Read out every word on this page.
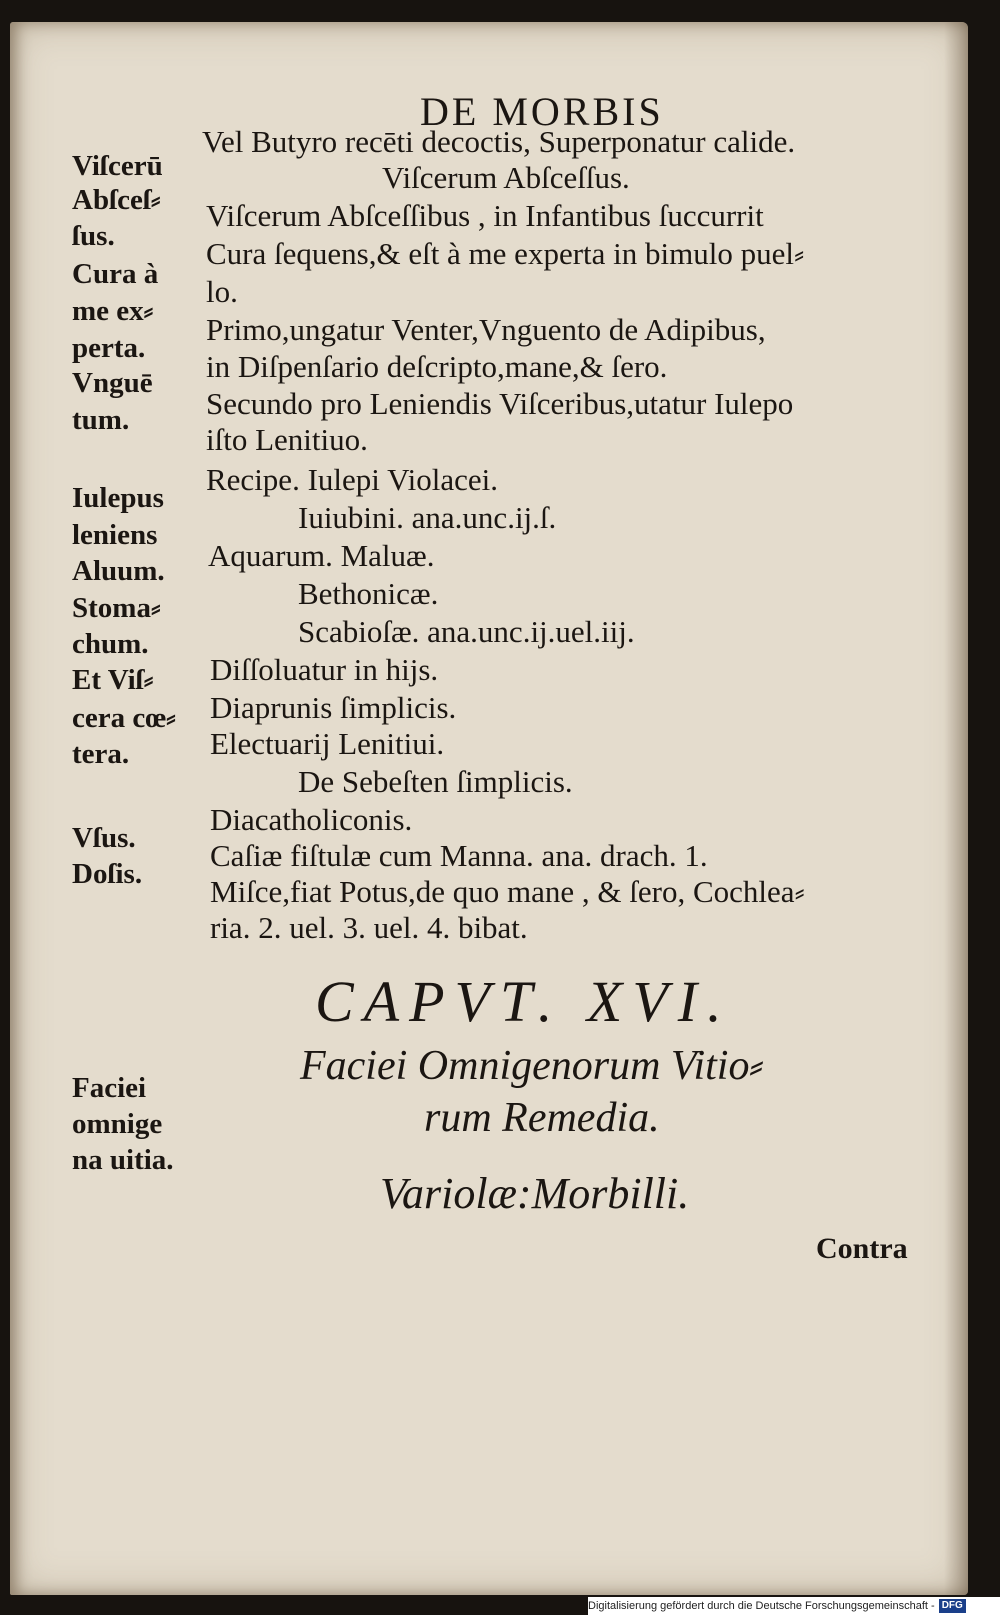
DE MORBIS
Viſcerū
Abſceſ⸗
ſus.
Cura à
me ex⸗
perta.
Vnguē
tum.
Iulepus
leniens
Aluum.
Stoma⸗
chum.
Et Viſ⸗
cera cœ⸗
tera.
Vſus.
Doſis.
Faciei
omnige
na uitia.
Vel Butyro recēti decoctis, Superponatur calide.
Viſcerum Abſceſſus.
Viſcerum Abſceſſibus , in Infantibus ſuccurrit
Cura ſequens,& eſt à me experta in bimulo puel⸗
lo.
Primo,ungatur Venter,Vnguento de Adipibus,
in Diſpenſario deſcripto,mane,& ſero.
Secundo pro Leniendis Viſceribus,utatur Iulepo
iſto Lenitiuo.
Recipe. Iulepi Violacei.
Iuiubini. ana.unc.ij.ſ.
Aquarum. Maluæ.
Bethonicæ.
Scabioſæ. ana.unc.ij.uel.iij.
Diſſoluatur in hijs.
Diaprunis ſimplicis.
Electuarij Lenitiui.
De Sebeſten ſimplicis.
Diacatholiconis.
Caſiæ fiſtulæ cum Manna. ana. drach. 1.
Miſce,fiat Potus,de quo mane , & ſero, Cochlea⸗
ria. 2. uel. 3. uel. 4. bibat.
CAPVT. XVI.
Faciei Omnigenorum Vitio⸗
rum Remedia.
Variolæ:Morbilli.
Contra
Digitalisierung gefördert durch die Deutsche Forschungsgemeinschaft - DFG
